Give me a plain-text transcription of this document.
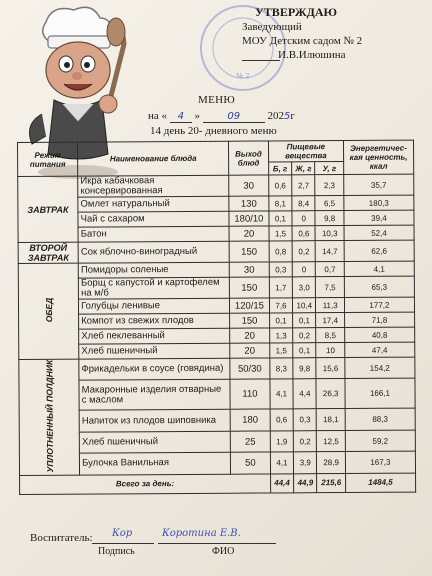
№ 2
УТВЕРЖДАЮ
Заведующий
МОУ Детским садом № 2
И.В.Илюшина
МЕНЮ
на « 4 »	09 2025г
14 день 20- дневного меню
Режим питания	Наименование блюда	Выход блюд	Пищевые вещества			Энергетичес-кая ценность, ккал
			Б, г	Ж, г	У, г	
ЗАВТРАК	Икра кабачковая консервированная	30	0,6	2,7	2,3	35,7
	Омлет натуральный	130	8,1	8,4	6,5	180,3
	Чай с сахаром	180/10	0,1	0	9,8	39,4
	Батон	20	1,5	0,6	10,3	52,4
ВТОРОЙ ЗАВТРАК	Сок яблочно-виноградный	150	0,8	0,2	14,7	62,6
ОБЕД	Помидоры соленые	30	0,3	0	0,7	4,1
	Борщ с капустой и картофелем на м/б	150	1,7	3,0	7,5	65,3
	Голубцы ленивые	120/15	7,6	10,4	11,3	177,2
	Компот из свежих плодов	150	0,1	0,1	17,4	71,8
	Хлеб пеклеванный	20	1,3	0,2	8,5	40,8
	Хлеб пшеничный	20	1,5	0,1	10	47,4
УПЛОТНЕННЫЙ ПОЛДНИК	Фрикадельки в соусе (говядина)	50/30	8,3	9,8	15,6	154,2
	Макаронные изделия отварные с маслом	110	4,1	4,4	26,3	166,1
	Напиток из плодов шиповника	180	0,6	0,3	18,1	88,3
	Хлеб пшеничный	25	1,9	0,2	12,5	59,2
	Булочка Ванильная	50	4,1	3,9	28,9	167,3
Всего за день:			44,4	44,9	215,6	1484,5
Воспитатель: Кор	Коротина Е.В.
Подпись	ФИО
